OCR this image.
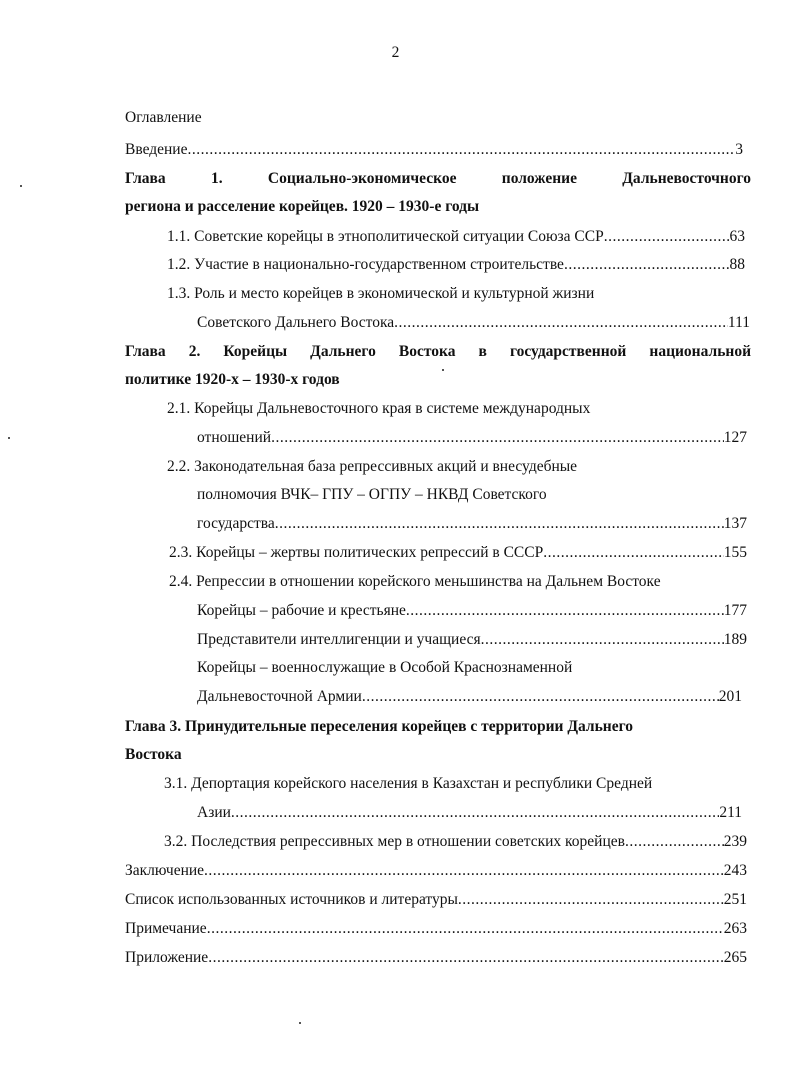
2
Оглавление
Введение .....	3
Глава 1. Социально-экономическое положение Дальневосточного
региона и расселение корейцев. 1920 – 1930-е годы
1.1. Советские корейцы в этнополитической ситуации Союза ССР .....	63
1.2. Участие в национально-государственном строительстве .....	88
1.3. Роль и место корейцев в экономической и культурной жизни
Советского Дальнего Востока .....	111
Глава 2. Корейцы Дальнего Востока в государственной национальной
политике 1920-х – 1930-х годов
2.1. Корейцы Дальневосточного края в системе международных
отношений .....	127
2.2. Законодательная база репрессивных акций и внесудебные
полномочия ВЧК– ГПУ – ОГПУ – НКВД Советского
государства .....	137
2.3. Корейцы – жертвы политических репрессий в СССР .....	155
2.4. Репрессии в отношении корейского меньшинства на Дальнем Востоке
Корейцы – рабочие и крестьяне .....	177
Представители интеллигенции и учащиеся .....	189
Корейцы – военнослужащие в Особой Краснознаменной
Дальневосточной Армии .....	201
Глава 3. Принудительные переселения корейцев с территории Дальнего
Востока
3.1. Депортация корейского населения в Казахстан и республики Средней
Азии .....	211
3.2. Последствия репрессивных мер в отношении советских корейцев .....	239
Заключение .....	243
Список использованных источников и литературы .....	251
Примечание .....	263
Приложение .....	265
